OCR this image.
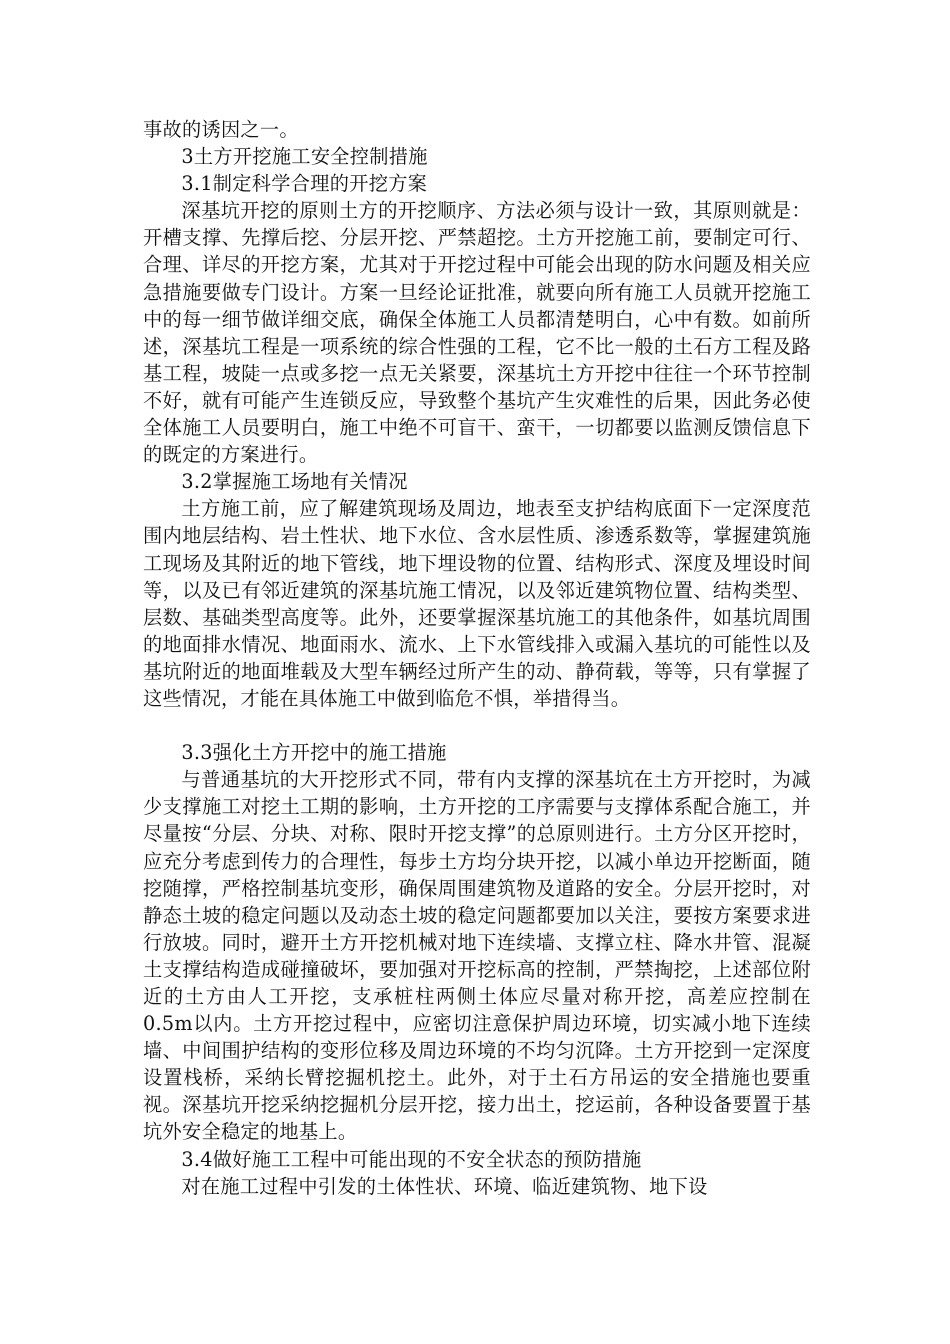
事故的诱因之一。

3土方开挖施工安全控制措施

3.1制定科学合理的开挖方案

深基坑开挖的原则土方的开挖顺序、方法必须与设计一致，其原则就是：开槽支撑、先撑后挖、分层开挖、严禁超挖。土方开挖施工前，要制定可行、合理、详尽的开挖方案，尤其对于开挖过程中可能会出现的防水问题及相关应急措施要做专门设计。方案一旦经论证批准，就要向所有施工人员就开挖施工中的每一细节做详细交底，确保全体施工人员都清楚明白，心中有数。如前所述，深基坑工程是一项系统的综合性强的工程，它不比一般的土石方工程及路基工程，坡陡一点或多挖一点无关紧要，深基坑土方开挖中往往一个环节控制不好，就有可能产生连锁反应，导致整个基坑产生灾难性的后果，因此务必使全体施工人员要明白，施工中绝不可盲干、蛮干，一切都要以监测反馈信息下的既定的方案进行。

3.2掌握施工场地有关情况

土方施工前，应了解建筑现场及周边，地表至支护结构底面下一定深度范围内地层结构、岩土性状、地下水位、含水层性质、渗透系数等，掌握建筑施工现场及其附近的地下管线，地下埋设物的位置、结构形式、深度及埋设时间等，以及已有邻近建筑的深基坑施工情况，以及邻近建筑物位置、结构类型、层数、基础类型高度等。此外，还要掌握深基坑施工的其他条件，如基坑周围的地面排水情况、地面雨水、流水、上下水管线排入或漏入基坑的可能性以及基坑附近的地面堆载及大型车辆经过所产生的动、静荷载，等等，只有掌握了这些情况，才能在具体施工中做到临危不惧，举措得当。

3.3强化土方开挖中的施工措施

与普通基坑的大开挖形式不同，带有内支撑的深基坑在土方开挖时，为减少支撑施工对挖土工期的影响，土方开挖的工序需要与支撑体系配合施工，并尽量按“分层、分块、对称、限时开挖支撑”的总原则进行。土方分区开挖时，应充分考虑到传力的合理性，每步土方均分块开挖，以减小单边开挖断面，随挖随撑，严格控制基坑变形，确保周围建筑物及道路的安全。分层开挖时，对静态土坡的稳定问题以及动态土坡的稳定问题都要加以关注，要按方案要求进行放坡。同时，避开土方开挖机械对地下连续墙、支撑立柱、降水井管、混凝土支撑结构造成碰撞破坏，要加强对开挖标高的控制，严禁掏挖，上述部位附近的土方由人工开挖，支承桩柱两侧土体应尽量对称开挖，高差应控制在0.5m以内。土方开挖过程中，应密切注意保护周边环境，切实减小地下连续墙、中间围护结构的变形位移及周边环境的不均匀沉降。土方开挖到一定深度设置栈桥，采纳长臂挖掘机挖土。此外，对于土石方吊运的安全措施也要重视。深基坑开挖采纳挖掘机分层开挖，接力出土，挖运前，各种设备要置于基坑外安全稳定的地基上。

3.4做好施工工程中可能出现的不安全状态的预防措施

对在施工过程中引发的土体性状、环境、临近建筑物、地下设
